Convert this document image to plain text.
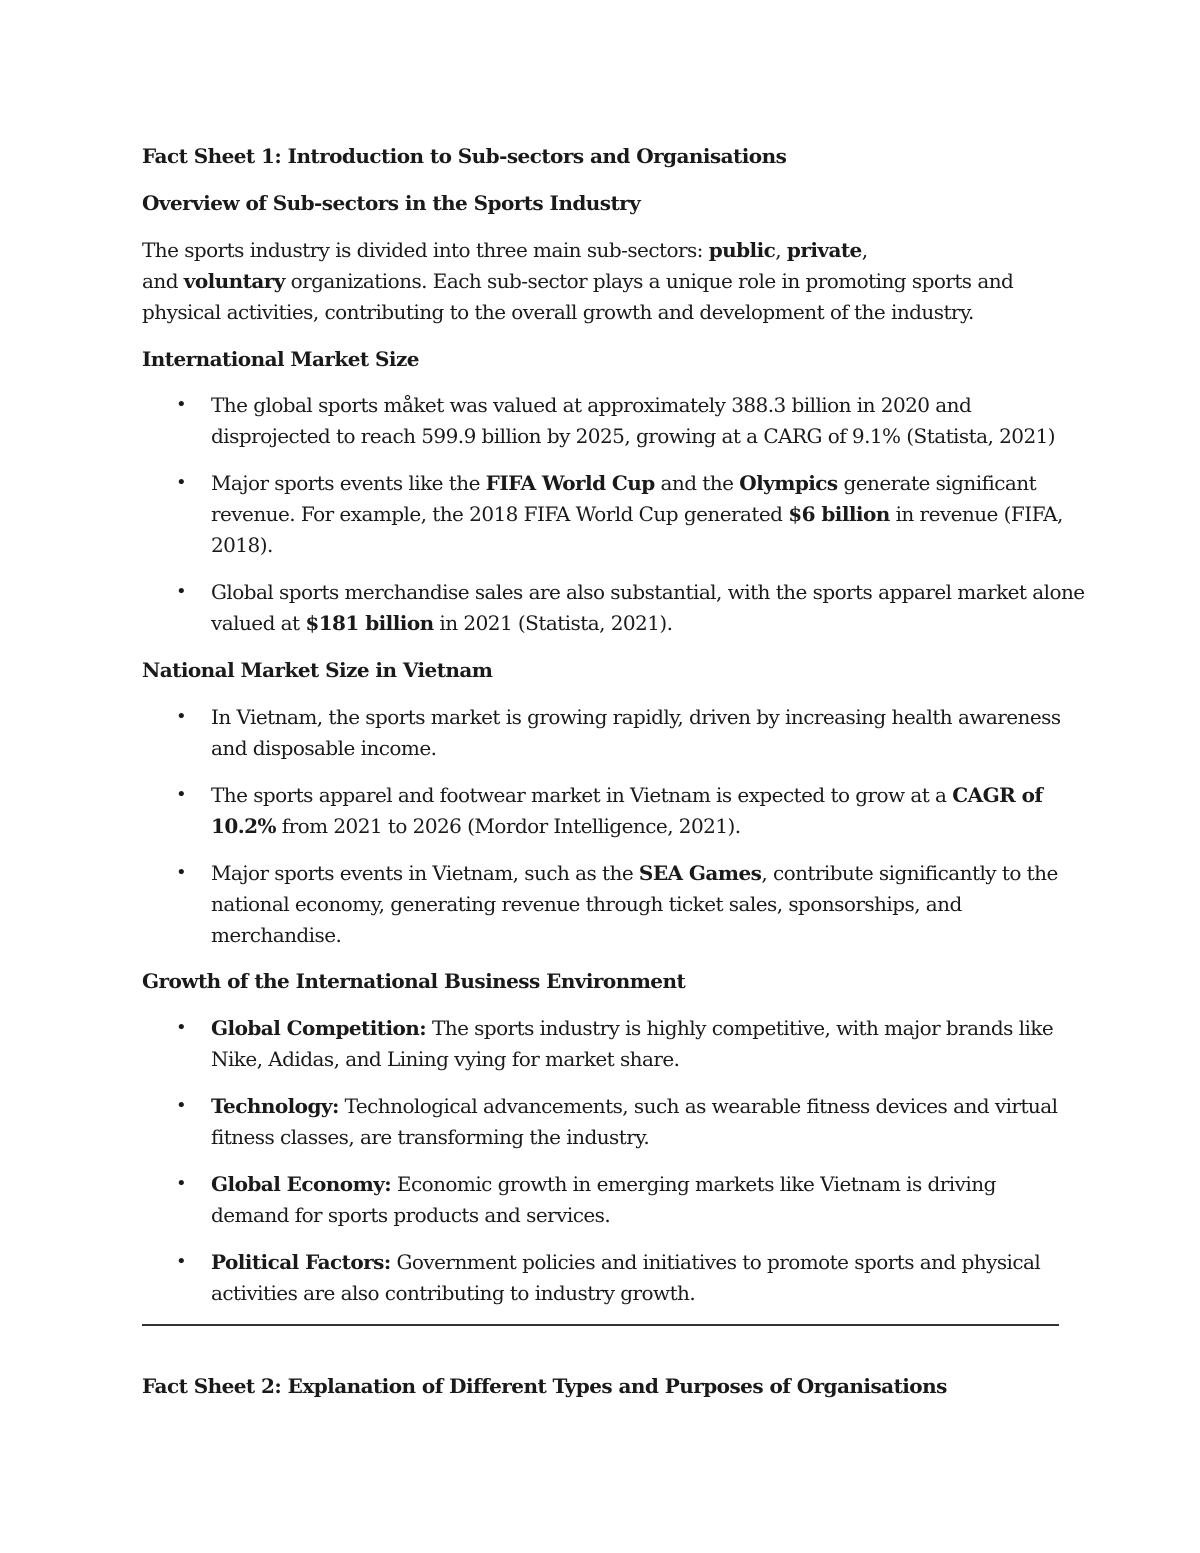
Fact Sheet 1: Introduction to Sub-sectors and Organisations
Overview of Sub-sectors in the Sports Industry
The sports industry is divided into three main sub-sectors: public, private,
and voluntary organizations. Each sub-sector plays a unique role in promoting sports and
physical activities, contributing to the overall growth and development of the industry.
International Market Size
• The global sports måket was valued at approximately 388.3 billion in 2020 and
disprojected to reach 599.9 billion by 2025, growing at a CARG of 9.1% (Statista, 2021)
• Major sports events like the FIFA World Cup and the Olympics generate significant
revenue. For example, the 2018 FIFA World Cup generated $6 billion in revenue (FIFA,
2018).
• Global sports merchandise sales are also substantial, with the sports apparel market alone
valued at $181 billion in 2021 (Statista, 2021).
National Market Size in Vietnam
• In Vietnam, the sports market is growing rapidly, driven by increasing health awareness
and disposable income.
• The sports apparel and footwear market in Vietnam is expected to grow at a CAGR of
10.2% from 2021 to 2026 (Mordor Intelligence, 2021).
• Major sports events in Vietnam, such as the SEA Games, contribute significantly to the
national economy, generating revenue through ticket sales, sponsorships, and
merchandise.
Growth of the International Business Environment
• Global Competition: The sports industry is highly competitive, with major brands like
Nike, Adidas, and Lining vying for market share.
• Technology: Technological advancements, such as wearable fitness devices and virtual
fitness classes, are transforming the industry.
• Global Economy: Economic growth in emerging markets like Vietnam is driving
demand for sports products and services.
• Political Factors: Government policies and initiatives to promote sports and physical
activities are also contributing to industry growth.
Fact Sheet 2: Explanation of Different Types and Purposes of Organisations
